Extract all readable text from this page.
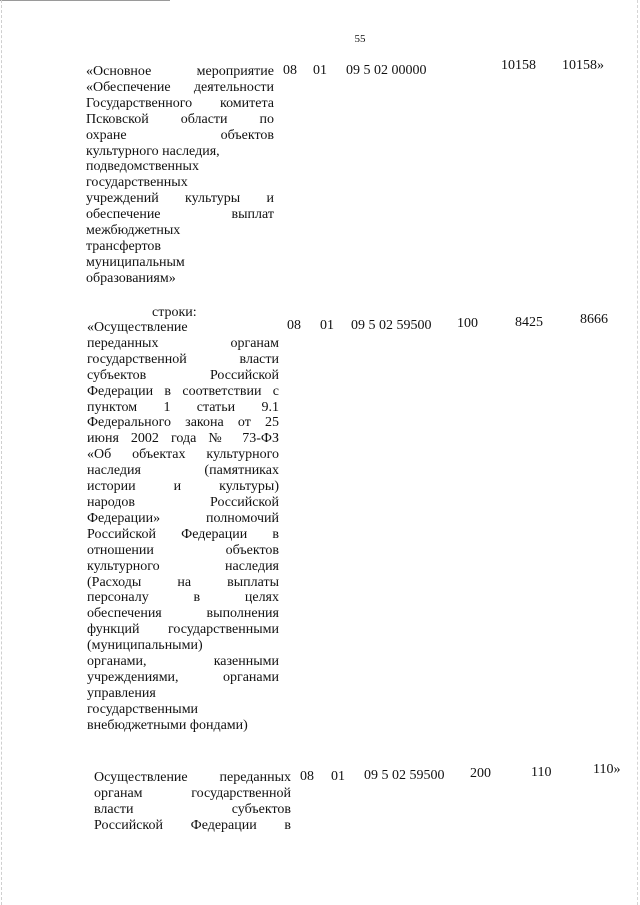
55
«Основное мероприятие
«Обеспечение деятельности
Государственного комитета
Псковской области по
охране объектов
культурного наследия,
подведомственных
государственных
учреждений культуры и
обеспечение выплат
межбюджетных
трансфертов
муниципальным
образованиям»
08 01 09 5 02 00000	10158 10158»
строки:
«Осуществление
переданных органам
государственной власти
субъектов Российской
Федерации в соответствии с
пунктом 1 статьи 9.1
Федерального закона от 25
июня 2002 года № 73-ФЗ
«Об объектах культурного
наследия (памятниках
истории и культуры)
народов Российской
Федерации» полномочий
Российской Федерации в
отношении объектов
культурного наследия
(Расходы на выплаты
персоналу в целях
обеспечения выполнения
функций государственными
(муниципальными)
органами, казенными
учреждениями, органами
управления
государственными
внебюджетными фондами)
08 01 09 5 02 59500 100	8425	8666
Осуществление переданных
органам государственной
власти субъектов
Российской Федерации в
08 01 09 5 02 59500 200	110	110»
